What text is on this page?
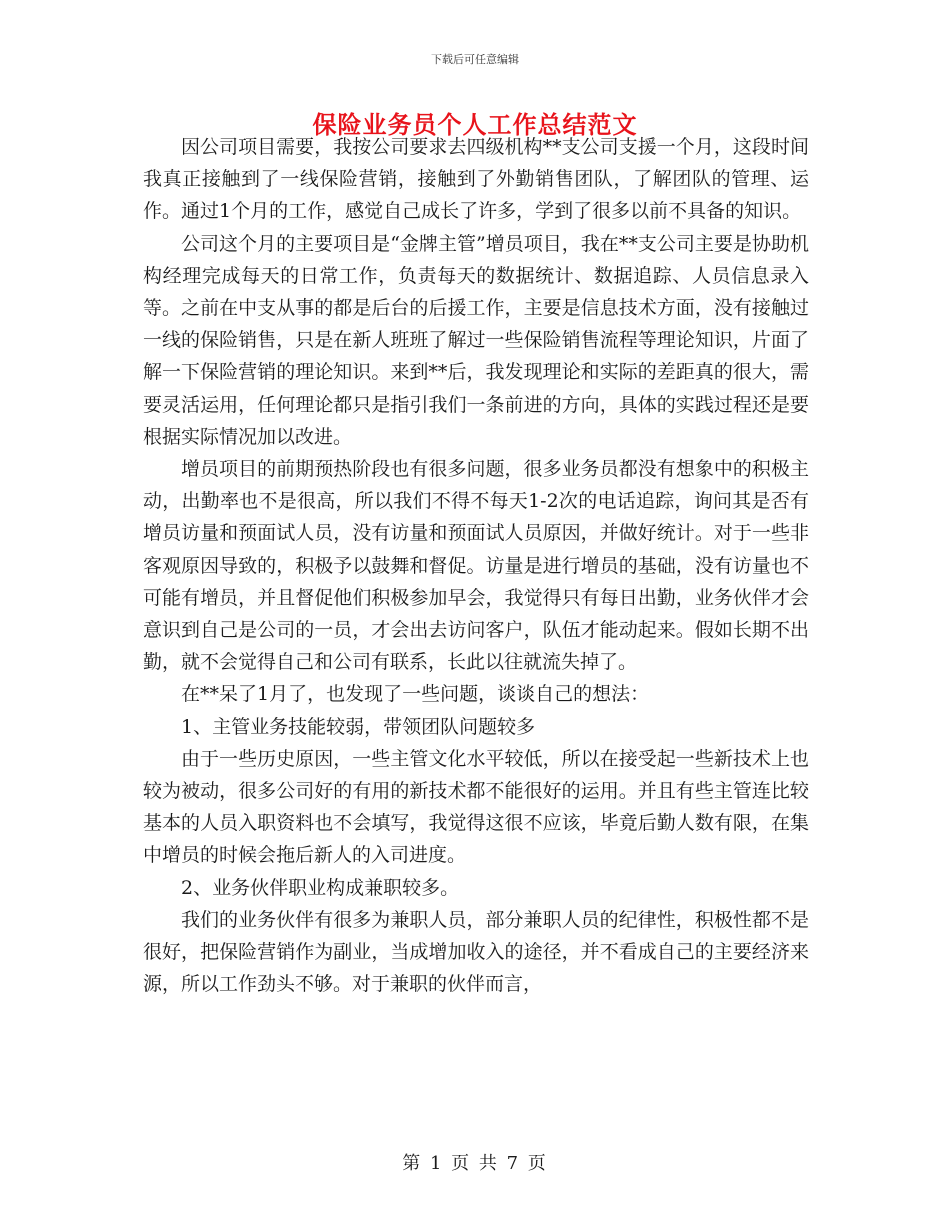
下载后可任意编辑
保险业务员个人工作总结范文

因公司项目需要，我按公司要求去四级机构**支公司支援一个月，这段时间我真正接触到了一线保险营销，接触到了外勤销售团队，了解团队的管理、运作。通过1个月的工作，感觉自己成长了许多，学到了很多以前不具备的知识。

公司这个月的主要项目是“金牌主管”增员项目，我在**支公司主要是协助机构经理完成每天的日常工作，负责每天的数据统计、数据追踪、人员信息录入等。之前在中支从事的都是后台的后援工作，主要是信息技术方面，没有接触过一线的保险销售，只是在新人班班了解过一些保险销售流程等理论知识，片面了解一下保险营销的理论知识。来到**后，我发现理论和实际的差距真的很大，需要灵活运用，任何理论都只是指引我们一条前进的方向，具体的实践过程还是要根据实际情况加以改进。

增员项目的前期预热阶段也有很多问题，很多业务员都没有想象中的积极主动，出勤率也不是很高，所以我们不得不每天1-2次的电话追踪，询问其是否有增员访量和预面试人员，没有访量和预面试人员原因，并做好统计。对于一些非客观原因导致的，积极予以鼓舞和督促。访量是进行增员的基础，没有访量也不可能有增员，并且督促他们积极参加早会，我觉得只有每日出勤，业务伙伴才会意识到自己是公司的一员，才会出去访问客户，队伍才能动起来。假如长期不出勤，就不会觉得自己和公司有联系，长此以往就流失掉了。

在**呆了1月了，也发现了一些问题，谈谈自己的想法：

1、主管业务技能较弱，带领团队问题较多

由于一些历史原因，一些主管文化水平较低，所以在接受起一些新技术上也较为被动，很多公司好的有用的新技术都不能很好的运用。并且有些主管连比较基本的人员入职资料也不会填写，我觉得这很不应该，毕竟后勤人数有限，在集中增员的时候会拖后新人的入司进度。

2、业务伙伴职业构成兼职较多。

我们的业务伙伴有很多为兼职人员，部分兼职人员的纪律性，积极性都不是很好，把保险营销作为副业，当成增加收入的途径，并不看成自己的主要经济来源，所以工作劲头不够。对于兼职的伙伴而言，

第 1 页 共 7 页
